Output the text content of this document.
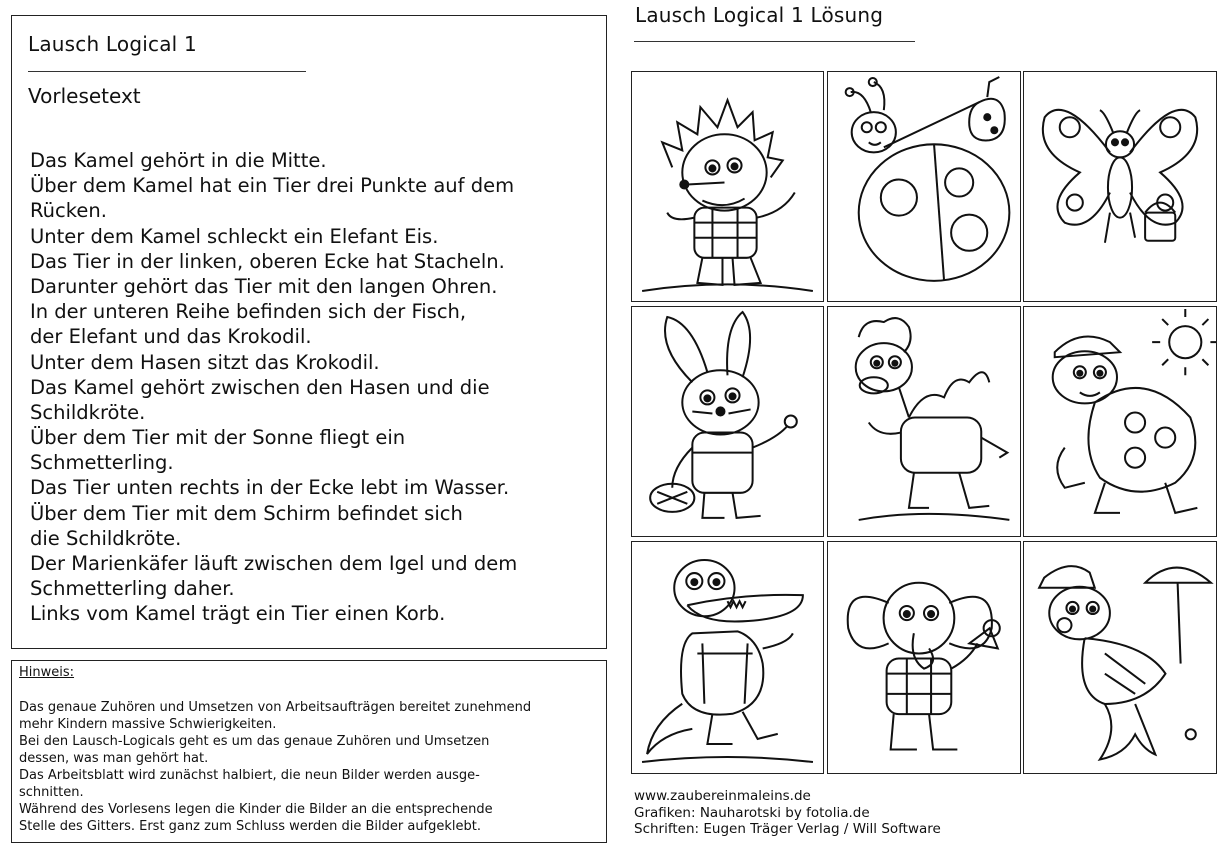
Lausch Logical 1
Vorlesetext
Das Kamel gehört in die Mitte.
Über dem Kamel hat ein Tier drei Punkte auf dem
Rücken.
Unter dem Kamel schleckt ein Elefant Eis.
Das Tier in der linken, oberen Ecke hat Stacheln.
Darunter gehört das Tier mit den langen Ohren.
In der unteren Reihe befinden sich der Fisch,
der Elefant und das Krokodil.
Unter dem Hasen sitzt das Krokodil.
Das Kamel gehört zwischen den Hasen und die
Schildkröte.
Über dem Tier mit der Sonne fliegt ein
Schmetterling.
Das Tier unten rechts in der Ecke lebt im Wasser.
Über dem Tier mit dem Schirm befindet sich
die Schildkröte.
Der Marienkäfer läuft zwischen dem Igel und dem
Schmetterling daher.
Links vom Kamel trägt ein Tier einen Korb.
Hinweis:
Das genaue Zuhören und Umsetzen von Arbeitsaufträgen bereitet zunehmend
mehr Kindern massive Schwierigkeiten.
Bei den Lausch-Logicals geht es um das genaue Zuhören und Umsetzen
dessen, was man gehört hat.
Das Arbeitsblatt wird zunächst halbiert, die neun Bilder werden ausge-
schnitten.
Während des Vorlesens legen die Kinder die Bilder an die entsprechende
Stelle des Gitters. Erst ganz zum Schluss werden die Bilder aufgeklebt.
Lausch Logical 1 Lösung
www.zaubereinmaleins.de
Grafiken: Nauharotski by fotolia.de
Schriften: Eugen Träger Verlag / Will Software
